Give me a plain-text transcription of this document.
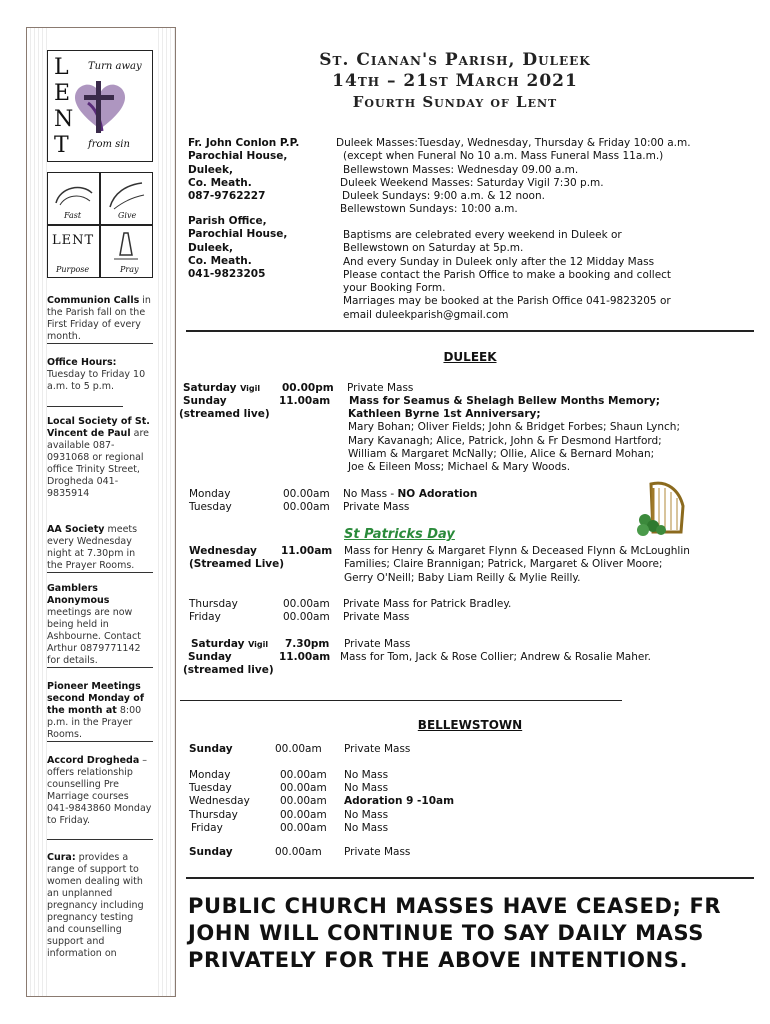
L
E
N
T
Turn away
from sin
Fast	Give
LENT
Purpose	Pray
Communion Calls in the Parish fall on the First Friday of every month.
Office Hours: Tuesday to Friday 10 a.m. to 5 p.m.
Local Society of St. Vincent de Paul are available 087-0931068 or regional office Trinity Street, Drogheda 041-9835914
AA Society meets every Wednesday night at 7.30pm in the Prayer Rooms.
Gamblers Anonymous meetings are now being held in Ashbourne. Contact Arthur 0879771142 for details.
Pioneer Meetings second Monday of the month at 8:00 p.m. in the Prayer Rooms.
Accord Drogheda – offers relationship counselling Pre Marriage courses 041-9843860 Monday to Friday.
Cura: provides a range of support to women dealing with an unplanned pregnancy including pregnancy testing and counselling support and information on
St. Cianan's Parish, Duleek
14th – 21st March 2021
Fourth Sunday of Lent
Fr. John Conlon P.P.
Parochial House,
Duleek,
Co. Meath.
087-9762227
Parish Office,
Parochial House,
Duleek,
Co. Meath.
041-9823205
Duleek Masses:Tuesday, Wednesday, Thursday & Friday 10:00 a.m.
(except when Funeral No 10 a.m. Mass Funeral Mass 11a.m.)
Bellewstown Masses: Wednesday 09.00 a.m.
Duleek Weekend Masses: Saturday Vigil 7:30 p.m.
Duleek Sundays: 9:00 a.m. & 12 noon.
Bellewstown Sundays: 10:00 a.m.
Baptisms are celebrated every weekend in Duleek or
Bellewstown on Saturday at 5p.m.
And every Sunday in Duleek only after the 12 Midday Mass
Please contact the Parish Office to make a booking and collect
your Booking Form.
Marriages may be booked at the Parish Office 041-9823205 or
email duleekparish@gmail.com
DULEEK
Saturday Vigil 00.00pm Private Mass
Sunday	11.00am Mass for Seamus & Shelagh Bellew Months Memory;
(streamed live)	Kathleen Byrne 1st Anniversary;
Mary Bohan; Oliver Fields; John & Bridget Forbes; Shaun Lynch;
Mary Kavanagh; Alice, Patrick, John & Fr Desmond Hartford;
William & Margaret McNally; Ollie, Alice & Bernard Mohan;
Joe & Eileen Moss; Michael & Mary Woods.
Monday	00.00am No Mass - NO Adoration
Tuesday	00.00am Private Mass
St Patricks Day
Wednesday 11.00am
(Streamed Live)
Mass for Henry & Margaret Flynn & Deceased Flynn & McLoughlin
Families; Claire Brannigan; Patrick, Margaret & Oliver Moore;
Gerry O'Neill; Baby Liam Reilly & Mylie Reilly.
Thursday	00.00am Private Mass for Patrick Bradley.
Friday	00.00am Private Mass
Saturday Vigil 7.30pm Private Mass
Sunday	11.00am Mass for Tom, Jack & Rose Collier; Andrew & Rosalie Maher.
(streamed live)
BELLEWSTOWN
Sunday	00.00am Private Mass
Monday	00.00am No Mass
Tuesday	00.00am No Mass
Wednesday	00.00am Adoration 9 -10am
Thursday	00.00am No Mass
Friday	00.00am No Mass
Sunday	00.00am Private Mass
PUBLIC CHURCH MASSES HAVE CEASED; FR JOHN WILL CONTINUE TO SAY DAILY MASS PRIVATELY FOR THE ABOVE INTENTIONS.
